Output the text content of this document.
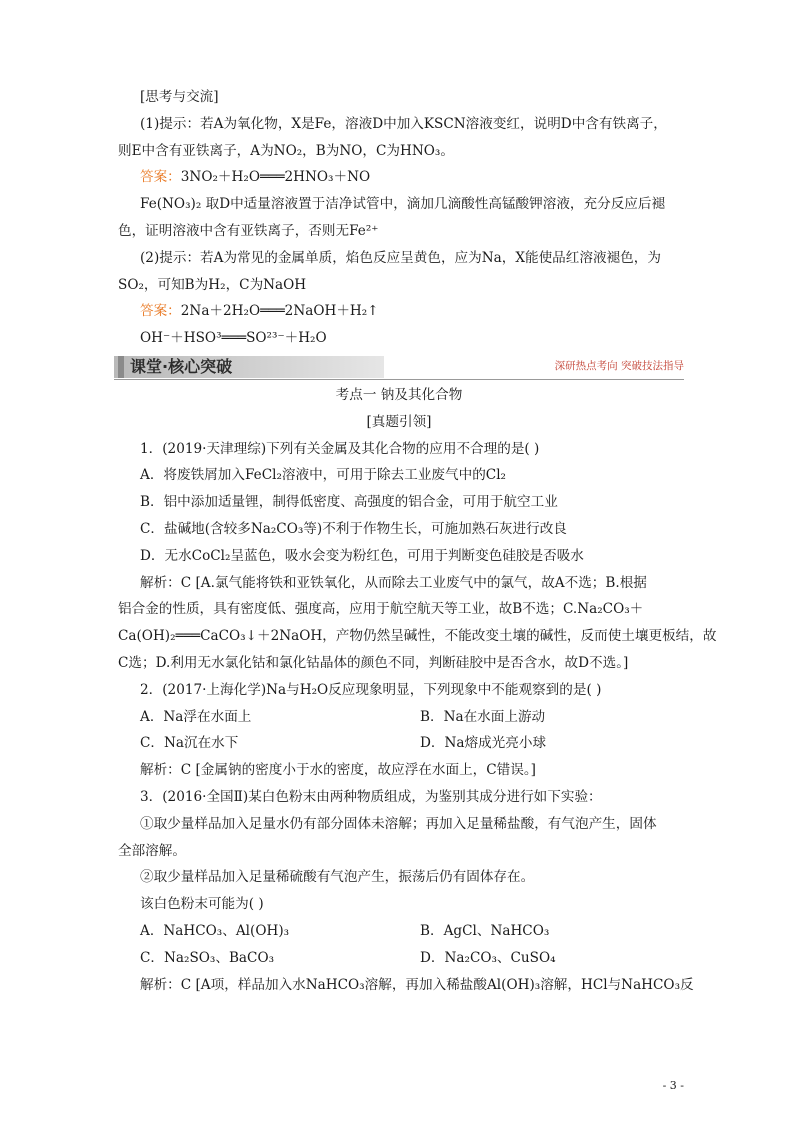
[思考与交流]

(1)提示：若A为氧化物，X是Fe，溶液D中加入KSCN溶液变红，说明D中含有铁离子，

则E中含有亚铁离子，A为NO₂，B为NO，C为HNO₃。

答案：3NO₂＋H₂O═══2HNO₃＋NO

Fe(NO₃)₂ 取D中适量溶液置于洁净试管中，滴加几滴酸性高锰酸钾溶液，充分反应后褪

色，证明溶液中含有亚铁离子，否则无Fe²⁺

(2)提示：若A为常见的金属单质，焰色反应呈黄色，应为Na，X能使品红溶液褪色，为

SO₂，可知B为H₂，C为NaOH

答案：2Na＋2H₂O═══2NaOH＋H₂↑

OH⁻＋HSO³═══SO²³⁻＋H₂O

课堂·核心突破	深研热点考向 突破技法指导

考点一 钠及其化合物

[真题引领]

1．(2019·天津理综)下列有关金属及其化合物的应用不合理的是( )

A．将废铁屑加入FeCl₂溶液中，可用于除去工业废气中的Cl₂

B．铝中添加适量锂，制得低密度、高强度的铝合金，可用于航空工业

C．盐碱地(含较多Na₂CO₃等)不利于作物生长，可施加熟石灰进行改良

D．无水CoCl₂呈蓝色，吸水会变为粉红色，可用于判断变色硅胶是否吸水

解析：C [A.氯气能将铁和亚铁氧化，从而除去工业废气中的氯气，故A不选；B.根据

铝合金的性质，具有密度低、强度高，应用于航空航天等工业，故B不选；C.Na₂CO₃＋

Ca(OH)₂═══CaCO₃↓＋2NaOH，产物仍然呈碱性，不能改变土壤的碱性，反而使土壤更板结，故

C选；D.利用无水氯化钴和氯化钴晶体的颜色不同，判断硅胶中是否含水，故D不选。]

2．(2017·上海化学)Na与H₂O反应现象明显，下列现象中不能观察到的是( )

A．Na浮在水面上	B．Na在水面上游动

C．Na沉在水下	D．Na熔成光亮小球

解析：C [金属钠的密度小于水的密度，故应浮在水面上，C错误。]

3．(2016·全国Ⅱ)某白色粉末由两种物质组成，为鉴别其成分进行如下实验：

①取少量样品加入足量水仍有部分固体未溶解；再加入足量稀盐酸，有气泡产生，固体

全部溶解。

②取少量样品加入足量稀硫酸有气泡产生，振荡后仍有固体存在。

该白色粉末可能为( )

A．NaHCO₃、Al(OH)₃	B．AgCl、NaHCO₃

C．Na₂SO₃、BaCO₃	D．Na₂CO₃、CuSO₄

解析：C [A项，样品加入水NaHCO₃溶解，再加入稀盐酸Al(OH)₃溶解，HCl与NaHCO₃反

- 3 -
